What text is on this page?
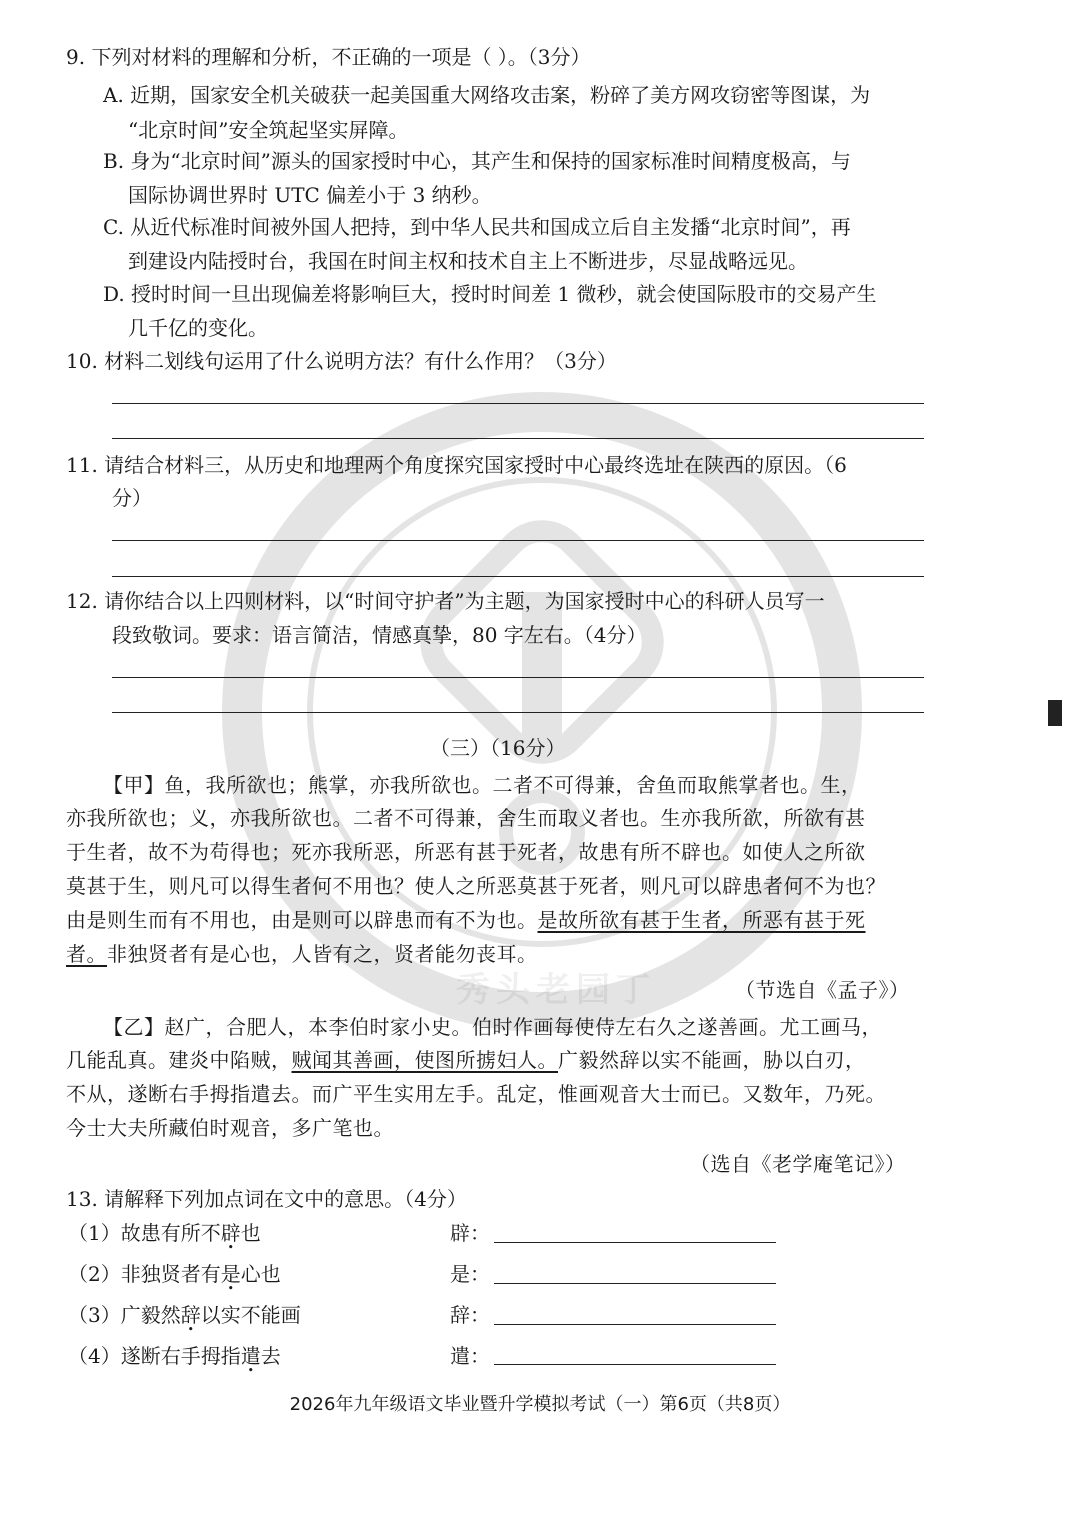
秀头老园丁
9. 下列对材料的理解和分析，不正确的一项是（ ）。（3分）
A. 近期，国家安全机关破获一起美国重大网络攻击案，粉碎了美方网攻窃密等图谋，为
“北京时间”安全筑起坚实屏障。
B. 身为“北京时间”源头的国家授时中心，其产生和保持的国家标准时间精度极高，与
国际协调世界时 UTC 偏差小于 3 纳秒。
C. 从近代标准时间被外国人把持，到中华人民共和国成立后自主发播“北京时间”，再
到建设内陆授时台，我国在时间主权和技术自主上不断进步，尽显战略远见。
D. 授时时间一旦出现偏差将影响巨大，授时时间差 1 微秒，就会使国际股市的交易产生
几千亿的变化。
10. 材料二划线句运用了什么说明方法？有什么作用？（3分）
11. 请结合材料三，从历史和地理两个角度探究国家授时中心最终选址在陕西的原因。（6
分）
12. 请你结合以上四则材料，以“时间守护者”为主题，为国家授时中心的科研人员写一
段致敬词。要求：语言简洁，情感真挚，80 字左右。（4分）
（三）（16分）
【甲】鱼，我所欲也；熊掌，亦我所欲也。二者不可得兼，舍鱼而取熊掌者也。生，
亦我所欲也；义，亦我所欲也。二者不可得兼，舍生而取义者也。生亦我所欲，所欲有甚
于生者，故不为苟得也；死亦我所恶，所恶有甚于死者，故患有所不辟也。如使人之所欲
莫甚于生，则凡可以得生者何不用也？使人之所恶莫甚于死者，则凡可以辟患者何不为也？
由是则生而有不用也，由是则可以辟患而有不为也。是故所欲有甚于生者，所恶有甚于死
者。非独贤者有是心也，人皆有之，贤者能勿丧耳。
（节选自《孟子》）
【乙】赵广，合肥人，本李伯时家小史。伯时作画每使侍左右久之遂善画。尤工画马，
几能乱真。建炎中陷贼，贼闻其善画，使图所掳妇人。广毅然辞以实不能画，胁以白刃，
不从，遂断右手拇指遣去。而广平生实用左手。乱定，惟画观音大士而已。又数年，乃死。
今士大夫所藏伯时观音，多广笔也。
（选自《老学庵笔记》）
13. 请解释下列加点词在文中的意思。（4分）
（1）故患有所不辟也	辟：
（2）非独贤者有是心也	是：
（3）广毅然辞以实不能画	辞：
（4）遂断右手拇指遣去	遣：
2026年九年级语文毕业暨升学模拟考试（一）第6页（共8页）
